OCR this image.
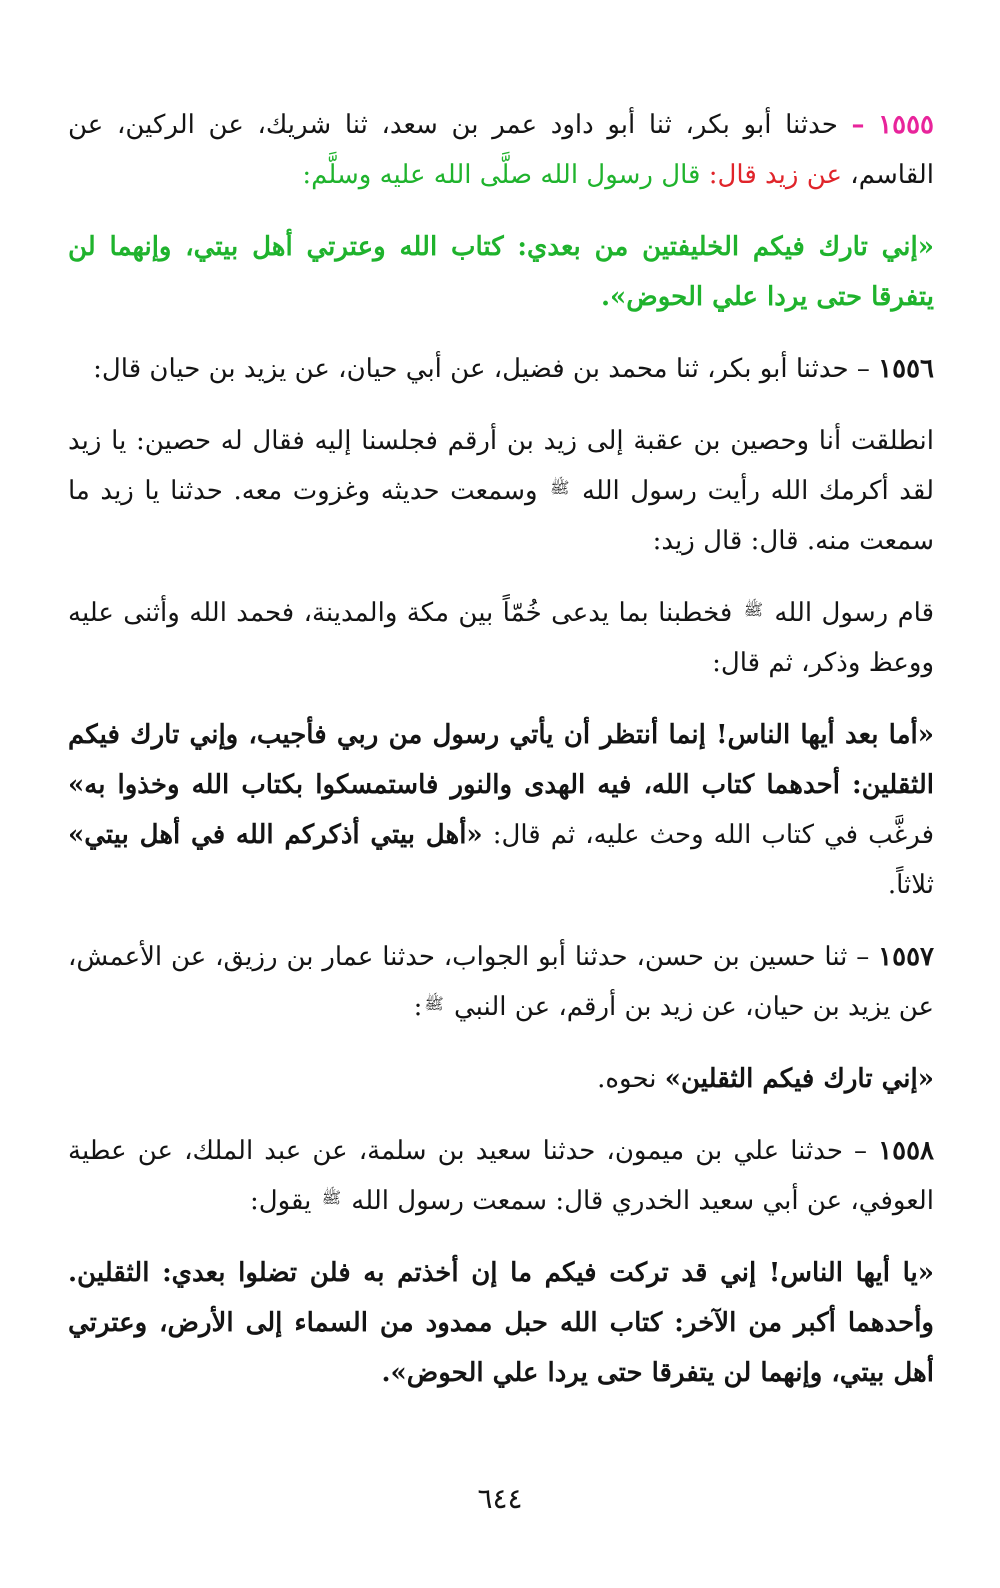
١٥٥٥ – حدثنا أبو بكر، ثنا أبو داود عمر بن سعد، ثنا شريك، عن الركين، عن القاسم، عن زيد قال: قال رسول الله صلَّى الله عليه وسلَّم:

«إني تارك فيكم الخليفتين من بعدي: كتاب الله وعترتي أهل بيتي، وإنهما لن يتفرقا حتى يردا علي الحوض».

١٥٥٦ – حدثنا أبو بكر، ثنا محمد بن فضيل، عن أبي حيان، عن يزيد بن حيان قال:

انطلقت أنا وحصين بن عقبة إلى زيد بن أرقم فجلسنا إليه فقال له حصين: يا زيد لقد أكرمك الله رأيت رسول الله ﷺ وسمعت حديثه وغزوت معه. حدثنا يا زيد ما سمعت منه. قال: قال زيد:

قام رسول الله ﷺ فخطبنا بما يدعى خُمّاً بين مكة والمدينة، فحمد الله وأثنى عليه ووعظ وذكر، ثم قال:

«أما بعد أيها الناس! إنما أنتظر أن يأتي رسول من ربي فأجيب، وإني تارك فيكم الثقلين: أحدهما كتاب الله، فيه الهدى والنور فاستمسكوا بكتاب الله وخذوا به» فرغَّب في كتاب الله وحث عليه، ثم قال: «أهل بيتي أذكركم الله في أهل بيتي» ثلاثاً.

١٥٥٧ – ثنا حسين بن حسن، حدثنا أبو الجواب، حدثنا عمار بن رزيق، عن الأعمش، عن يزيد بن حيان، عن زيد بن أرقم، عن النبي ﷺ:

«إني تارك فيكم الثقلين» نحوه.

١٥٥٨ – حدثنا علي بن ميمون، حدثنا سعيد بن سلمة، عن عبد الملك، عن عطية العوفي، عن أبي سعيد الخدري قال: سمعت رسول الله ﷺ يقول:

«يا أيها الناس! إني قد تركت فيكم ما إن أخذتم به فلن تضلوا بعدي: الثقلين. وأحدهما أكبر من الآخر: كتاب الله حبل ممدود من السماء إلى الأرض، وعترتي أهل بيتي، وإنهما لن يتفرقا حتى يردا علي الحوض».

٦٤٤
